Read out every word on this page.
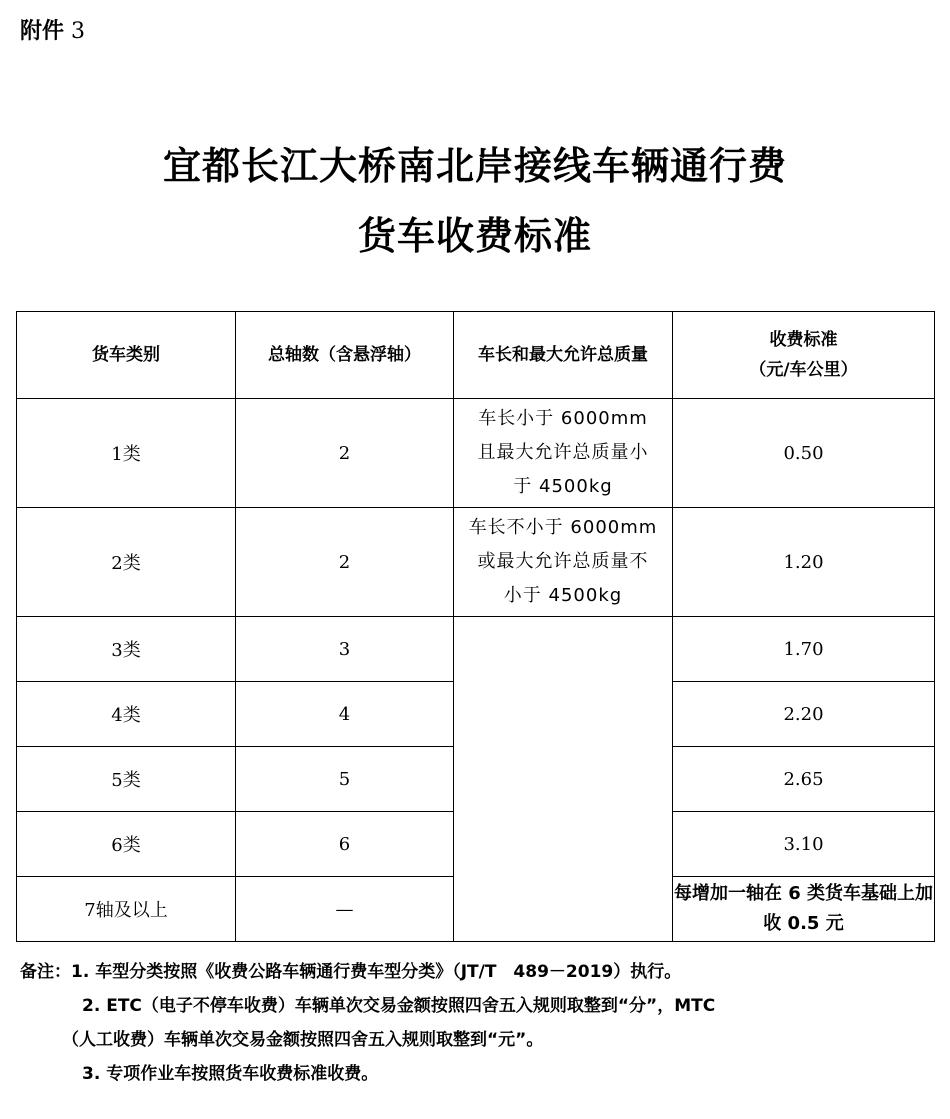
附件 3
宜都长江大桥南北岸接线车辆通行费
货车收费标准
货车类别	总轴数（含悬浮轴）	车长和最大允许总质量	收费标准
（元/车公里）

1类	2	车长小于 6000mm
且最大允许总质量小
于 4500kg	0.50
2类	2	车长不小于 6000mm
或最大允许总质量不
小于 4500kg	1.20
3类	3		1.70
4类	4		2.20
5类	5		2.65
6类	6		3.10
7轴及以上	—		每增加一轴在 6 类货车基础上加收 0.5 元
备注：1. 车型分类按照《收费公路车辆通行费车型分类》（JT/T　489－2019）执行。
2. ETC（电子不停车收费）车辆单次交易金额按照四舍五入规则取整到“分”，MTC
（人工收费）车辆单次交易金额按照四舍五入规则取整到“元”。
3. 专项作业车按照货车收费标准收费。
